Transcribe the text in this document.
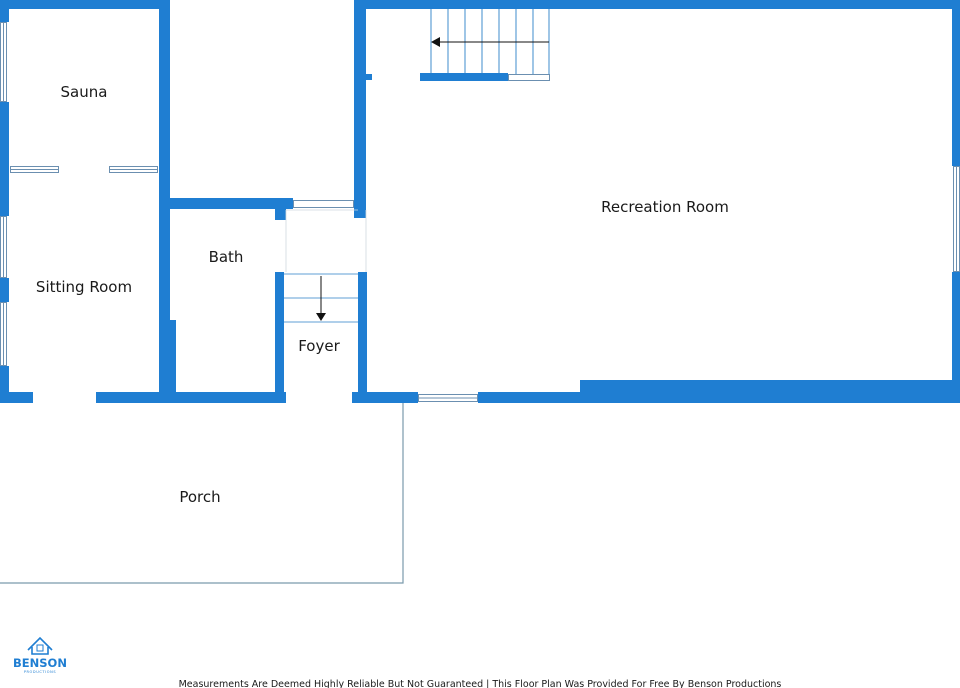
Sauna
Sitting Room
Bath
Foyer
Recreation Room
Porch
BENSON
PRODUCTIONS
Measurements Are Deemed Highly Reliable But Not Guaranteed | This Floor Plan Was Provided For Free By Benson Productions
